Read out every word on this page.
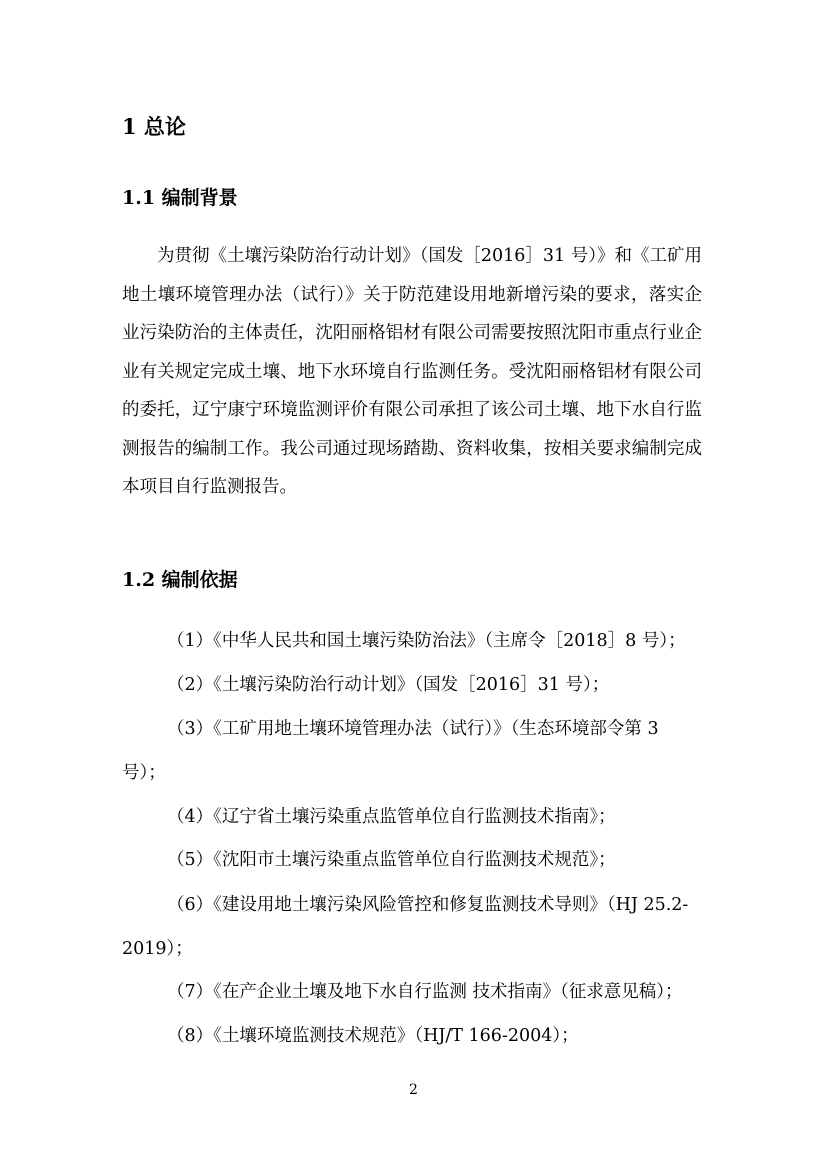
1 总论
1.1 编制背景
为贯彻《土壤污染防治行动计划》（国发［2016］31 号）》和《工矿用地土壤环境管理办法（试行）》关于防范建设用地新增污染的要求，落实企业污染防治的主体责任，沈阳丽格铝材有限公司需要按照沈阳市重点行业企业有关规定完成土壤、地下水环境自行监测任务。受沈阳丽格铝材有限公司的委托，辽宁康宁环境监测评价有限公司承担了该公司土壤、地下水自行监测报告的编制工作。我公司通过现场踏勘、资料收集，按相关要求编制完成本项目自行监测报告。
1.2 编制依据
（1）《中华人民共和国土壤污染防治法》（主席令［2018］8 号）；
（2）《土壤污染防治行动计划》（国发［2016］31 号）；
（3）《工矿用地土壤环境管理办法（试行）》（生态环境部令第 3 号）；
（4）《辽宁省土壤污染重点监管单位自行监测技术指南》；
（5）《沈阳市土壤污染重点监管单位自行监测技术规范》；
（6）《建设用地土壤污染风险管控和修复监测技术导则》（HJ 25.2-2019）；
（7）《在产企业土壤及地下水自行监测 技术指南》（征求意见稿）；
（8）《土壤环境监测技术规范》（HJ/T 166-2004）；
2
